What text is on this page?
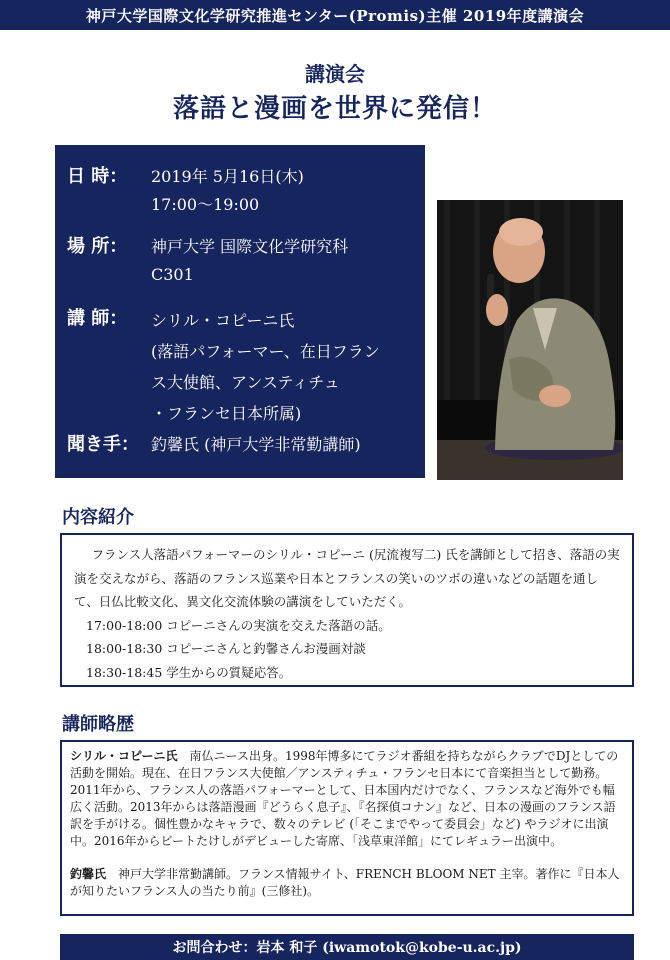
神戸大学国際文化学研究推進センター(Promis)主催 2019年度講演会
講演会
落語と漫画を世界に発信！
日 時：	2019年 5月16日(木)
17:00〜19:00
場 所：	神戸大学 国際文化学研究科
C301
講 師：	シリル・コピーニ氏
(落語パフォーマー、在日フラン
ス大使館、アンスティチュ
・フランセ日本所属)
聞き手： 釣馨氏 (神戸大学非常勤講師)
内容紹介

フランス人落語パフォーマーのシリル・コピーニ (尻流複写二) 氏を講師として招き、落語の実演を交えながら、落語のフランス巡業や日本とフランスの笑いのツボの違いなどの話題を通して、日仏比較文化、異文化交流体験の講演をしていただく。

17:00-18:00 コピーニさんの実演を交えた落語の話。

18:00-18:30 コピーニさんと釣馨さんお漫画対談

18:30-18:45 学生からの質疑応答。

講師略歴

シリル・コピーニ氏　 南仏ニース出身。1998年博多にてラジオ番組を持ちながらクラブでDJとしての活動を開始。現在、在日フランス大使館／アンスティチュ・フランセ日本にて音楽担当として勤務。2011年から、フランス人の落語パフォーマーとして、日本国内だけでなく、フランスなど海外でも幅広く活動。2013年からは落語漫画『どうらく息子』、『名探偵コナン』など、日本の漫画のフランス語訳を手がける。個性豊かなキャラで、数々のテレビ (「そこまでやって委員会」など) やラジオに出演中。2016年からビートたけしがデビューした寄席、「浅草東洋館」にてレギュラー出演中。

釣馨氏　 神戸大学非常勤講師。フランス情報サイト、FRENCH BLOOM NET 主宰。著作に『日本人が知りたいフランス人の当たり前』(三修社)。

お問合わせ：岩本 和子 (iwamotok@kobe-u.ac.jp)
